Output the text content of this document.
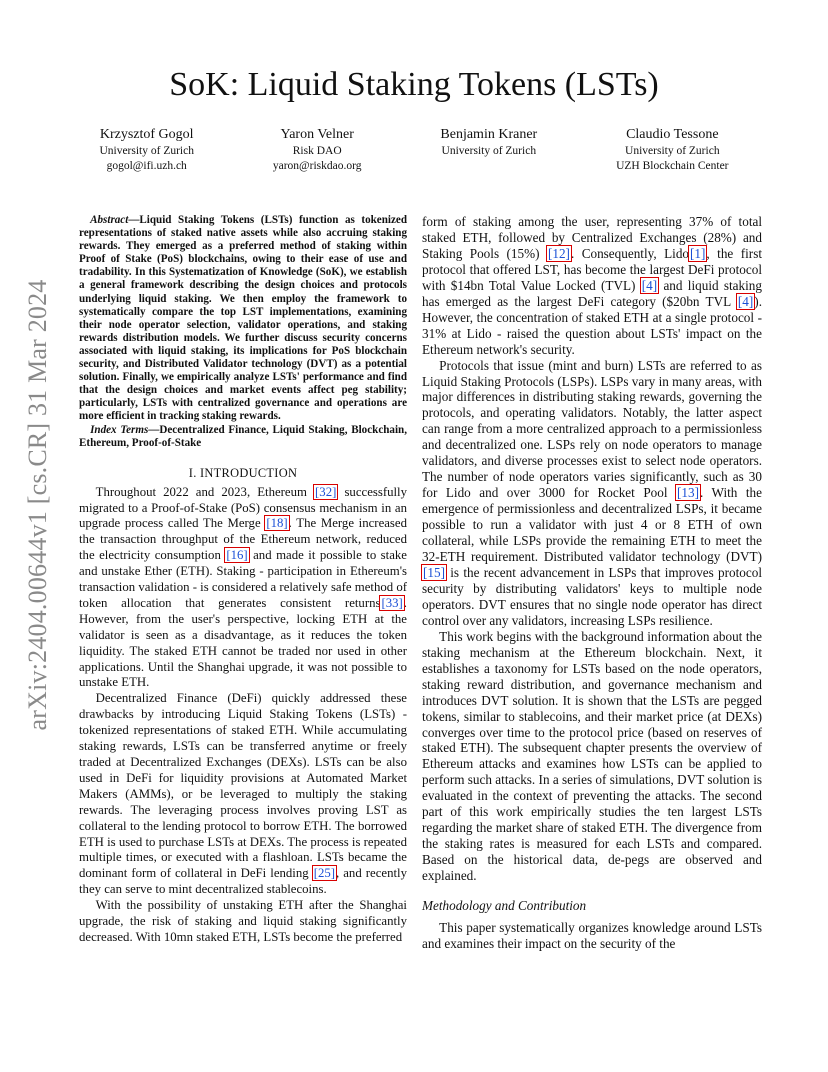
arXiv:2404.00644v1 [cs.CR] 31 Mar 2024
SoK: Liquid Staking Tokens (LSTs)
Krzysztof Gogol
University of Zurich
gogol@ifi.uzh.ch
Yaron Velner
Risk DAO
yaron@riskdao.org
Benjamin Kraner
University of Zurich
Claudio Tessone
University of Zurich
UZH Blockchain Center

Abstract—Liquid Staking Tokens (LSTs) function as tokenized representations of staked native assets while also accruing staking rewards. They emerged as a preferred method of staking within Proof of Stake (PoS) blockchains, owing to their ease of use and tradability. In this Systematization of Knowledge (SoK), we establish a general framework describing the design choices and protocols underlying liquid staking. We then employ the framework to systematically compare the top LST implementations, examining their node operator selection, validator operations, and staking rewards distribution models. We further discuss security concerns associated with liquid staking, its implications for PoS blockchain security, and Distributed Validator technology (DVT) as a potential solution. Finally, we empirically analyze LSTs' performance and find that the design choices and market events affect peg stability; particularly, LSTs with centralized governance and operations are more efficient in tracking staking rewards.

Index Terms—Decentralized Finance, Liquid Staking, Blockchain, Ethereum, Proof-of-Stake

I. INTRODUCTION

Throughout 2022 and 2023, Ethereum [32] successfully migrated to a Proof-of-Stake (PoS) consensus mechanism in an upgrade process called The Merge [18]. The Merge increased the transaction throughput of the Ethereum network, reduced the electricity consumption [16] and made it possible to stake and unstake Ether (ETH). Staking - participation in Ethereum's transaction validation - is considered a relatively safe method of token allocation that generates consistent returns[33]. However, from the user's perspective, locking ETH at the validator is seen as a disadvantage, as it reduces the token liquidity. The staked ETH cannot be traded nor used in other applications. Until the Shanghai upgrade, it was not possible to unstake ETH.

Decentralized Finance (DeFi) quickly addressed these drawbacks by introducing Liquid Staking Tokens (LSTs) - tokenized representations of staked ETH. While accumulating staking rewards, LSTs can be transferred anytime or freely traded at Decentralized Exchanges (DEXs). LSTs can be also used in DeFi for liquidity provisions at Automated Market Makers (AMMs), or be leveraged to multiply the staking rewards. The leveraging process involves proving LST as collateral to the lending protocol to borrow ETH. The borrowed ETH is used to purchase LSTs at DEXs. The process is repeated multiple times, or executed with a flashloan. LSTs became the dominant form of collateral in DeFi lending [25], and recently they can serve to mint decentralized stablecoins.

With the possibility of unstaking ETH after the Shanghai upgrade, the risk of staking and liquid staking significantly decreased. With 10mn staked ETH, LSTs become the preferred

form of staking among the user, representing 37% of total staked ETH, followed by Centralized Exchanges (28%) and Staking Pools (15%) [12]. Consequently, Lido[1], the first protocol that offered LST, has become the largest DeFi protocol with $14bn Total Value Locked (TVL) [4] and liquid staking has emerged as the largest DeFi category ($20bn TVL [4]). However, the concentration of staked ETH at a single protocol - 31% at Lido - raised the question about LSTs' impact on the Ethereum network's security.

Protocols that issue (mint and burn) LSTs are referred to as Liquid Staking Protocols (LSPs). LSPs vary in many areas, with major differences in distributing staking rewards, governing the protocols, and operating validators. Notably, the latter aspect can range from a more centralized approach to a permissionless and decentralized one. LSPs rely on node operators to manage validators, and diverse processes exist to select node operators. The number of node operators varies significantly, such as 30 for Lido and over 3000 for Rocket Pool [13]. With the emergence of permissionless and decentralized LSPs, it became possible to run a validator with just 4 or 8 ETH of own collateral, while LSPs provide the remaining ETH to meet the 32-ETH requirement. Distributed validator technology (DVT) [15] is the recent advancement in LSPs that improves protocol security by distributing validators' keys to multiple node operators. DVT ensures that no single node operator has direct control over any validators, increasing LSPs resilience.

This work begins with the background information about the staking mechanism at the Ethereum blockchain. Next, it establishes a taxonomy for LSTs based on the node operators, staking reward distribution, and governance mechanism and introduces DVT solution. It is shown that the LSTs are pegged tokens, similar to stablecoins, and their market price (at DEXs) converges over time to the protocol price (based on reserves of staked ETH). The subsequent chapter presents the overview of Ethereum attacks and examines how LSTs can be applied to perform such attacks. In a series of simulations, DVT solution is evaluated in the context of preventing the attacks. The second part of this work empirically studies the ten largest LSTs regarding the market share of staked ETH. The divergence from the staking rates is measured for each LSTs and compared. Based on the historical data, de-pegs are observed and explained.

Methodology and Contribution

This paper systematically organizes knowledge around LSTs and examines their impact on the security of the
